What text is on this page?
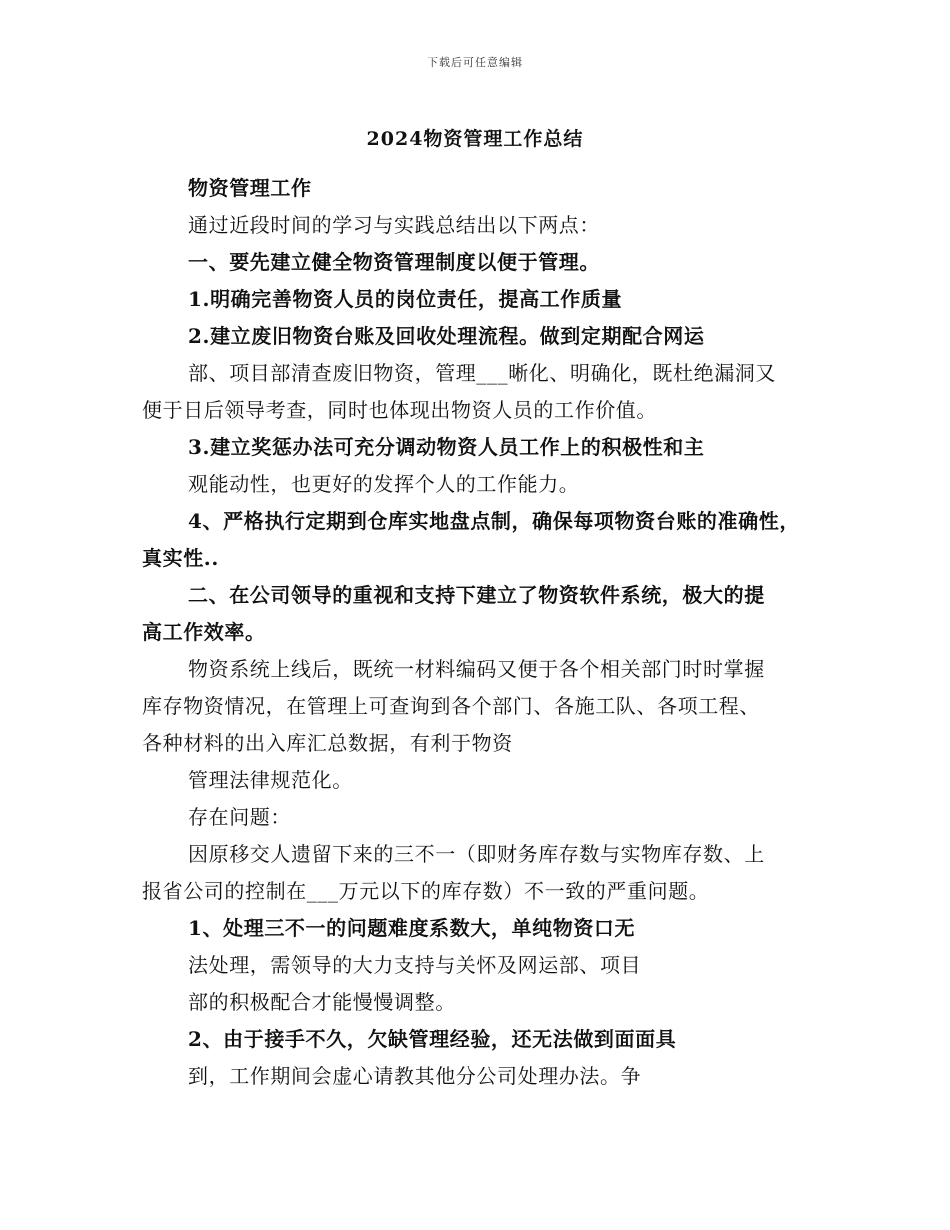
下载后可任意编辑
2024物资管理工作总结
物资管理工作
通过近段时间的学习与实践总结出以下两点：
一、要先建立健全物资管理制度以便于管理。
1.明确完善物资人员的岗位责任，提高工作质量
2.建立废旧物资台账及回收处理流程。做到定期配合网运
部、项目部清查废旧物资，管理___晰化、明确化，既杜绝漏洞又
便于日后领导考查，同时也体现出物资人员的工作价值。
3.建立奖惩办法可充分调动物资人员工作上的积极性和主
观能动性，也更好的发挥个人的工作能力。
4、严格执行定期到仓库实地盘点制，确保每项物资台账的准确性，
真实性..
二、在公司领导的重视和支持下建立了物资软件系统，极大的提
高工作效率。
物资系统上线后，既统一材料编码又便于各个相关部门时时掌握
库存物资情况，在管理上可查询到各个部门、各施工队、各项工程、
各种材料的出入库汇总数据，有利于物资
管理法律规范化。
存在问题：
因原移交人遗留下来的三不一（即财务库存数与实物库存数、上
报省公司的控制在___万元以下的库存数）不一致的严重问题。
1、处理三不一的问题难度系数大，单纯物资口无
法处理，需领导的大力支持与关怀及网运部、项目
部的积极配合才能慢慢调整。
2、由于接手不久，欠缺管理经验，还无法做到面面具
到，工作期间会虚心请教其他分公司处理办法。争
